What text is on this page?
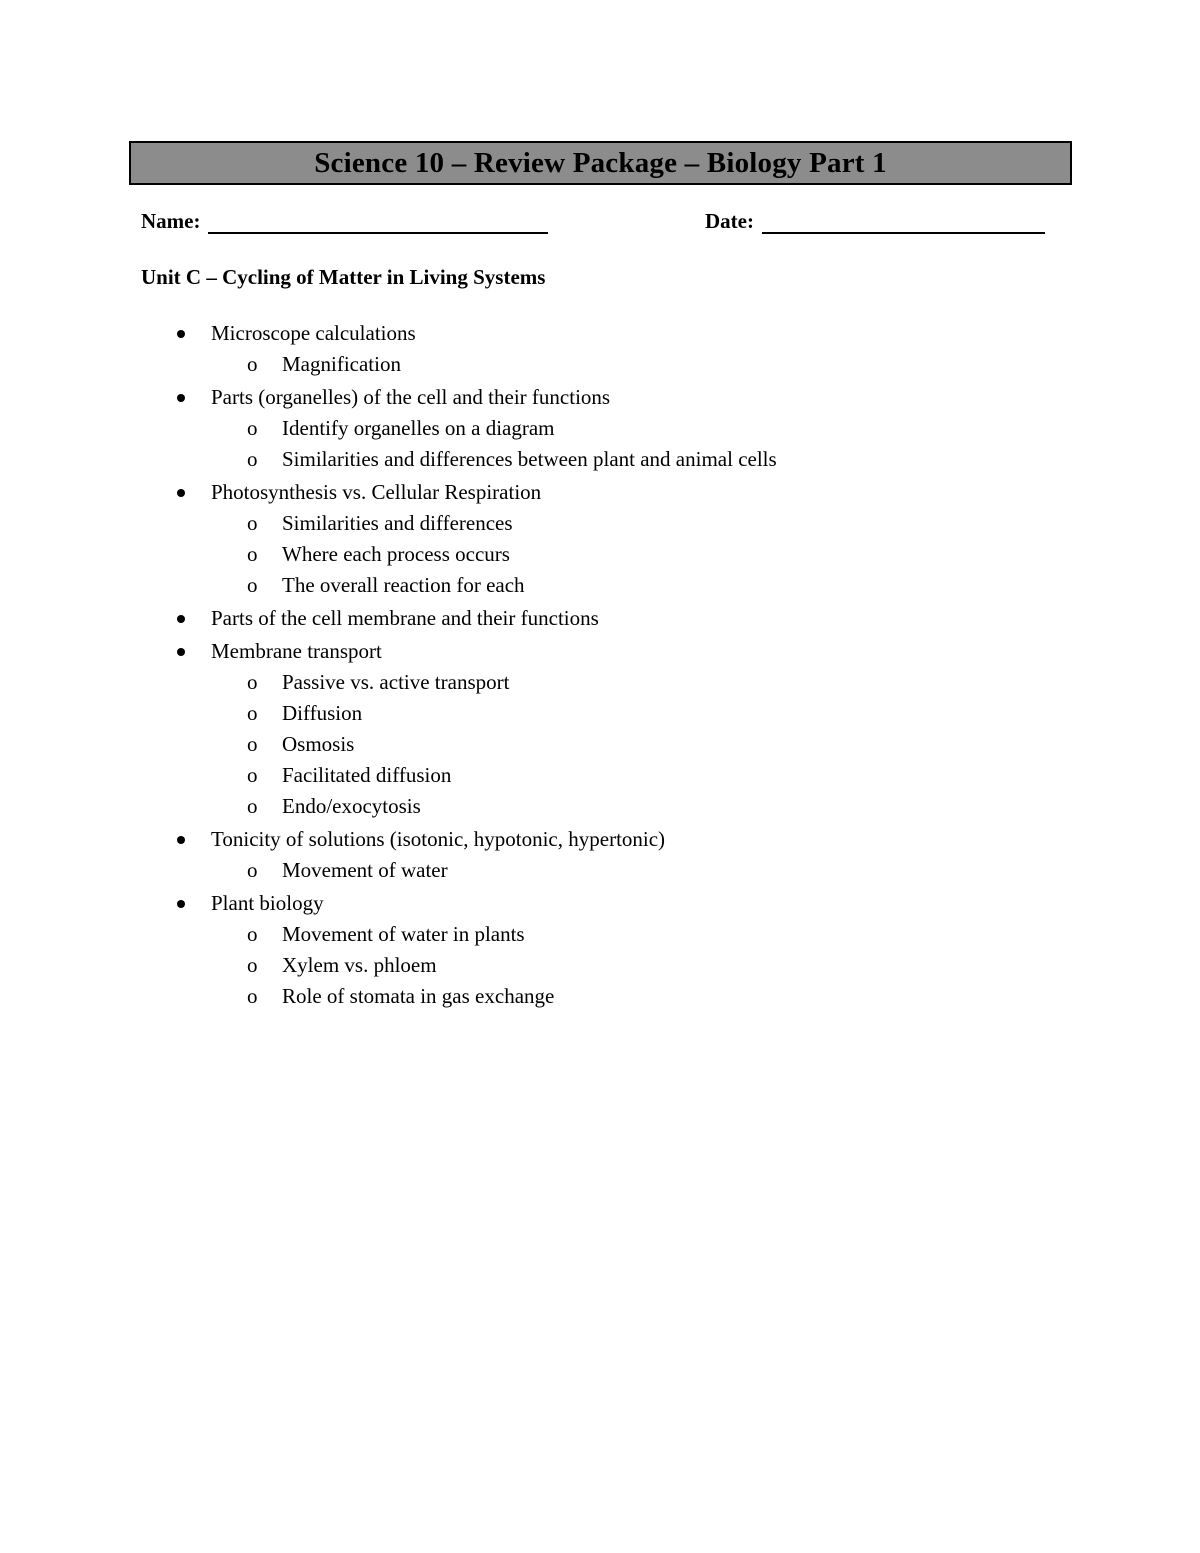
Science 10 – Review Package – Biology Part 1
Name:	Date:
Unit C – Cycling of Matter in Living Systems
Microscope calculations
o Magnification
Parts (organelles) of the cell and their functions
o Identify organelles on a diagram
o Similarities and differences between plant and animal cells
Photosynthesis vs. Cellular Respiration
o Similarities and differences
o Where each process occurs
o The overall reaction for each
Parts of the cell membrane and their functions
Membrane transport
o Passive vs. active transport
o Diffusion
o Osmosis
o Facilitated diffusion
o Endo/exocytosis
Tonicity of solutions (isotonic, hypotonic, hypertonic)
o Movement of water
Plant biology
o Movement of water in plants
o Xylem vs. phloem
o Role of stomata in gas exchange
